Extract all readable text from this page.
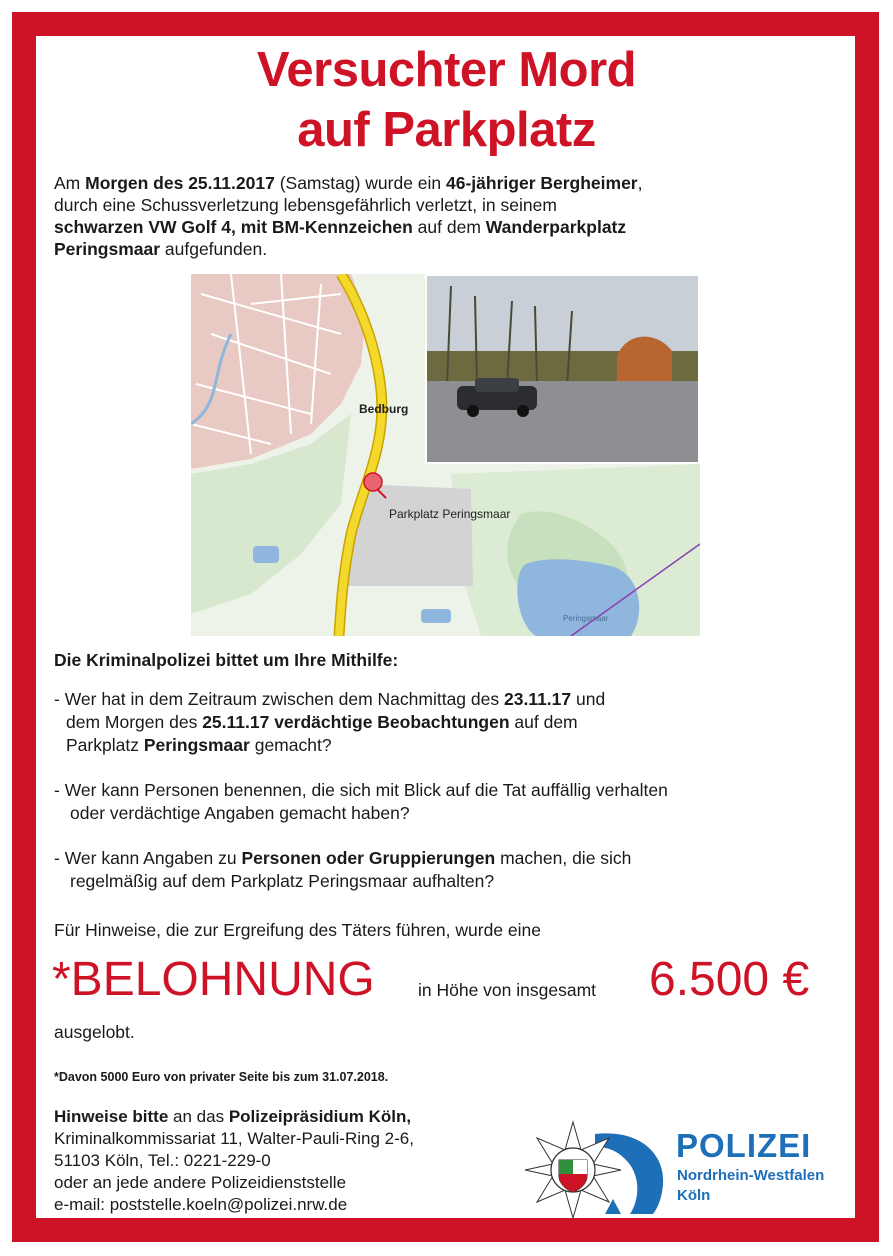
Versuchter Mord
auf Parkplatz
Am Morgen des 25.11.2017 (Samstag) wurde ein 46-jähriger Bergheimer,
durch eine Schussverletzung lebensgefährlich verletzt, in seinem
schwarzen VW Golf 4, mit BM-Kennzeichen auf dem Wanderparkplatz
Peringsmaar aufgefunden.
Bedburg
Parkplatz Peringsmaar
Peringsmaar
Die Kriminalpolizei bittet um Ihre Mithilfe:
- Wer hat in dem Zeitraum zwischen dem Nachmittag des 23.11.17 und
dem Morgen des 25.11.17 verdächtige Beobachtungen auf dem
Parkplatz Peringsmaar gemacht?
- Wer kann Personen benennen, die sich mit Blick auf die Tat auffällig verhalten
oder verdächtige Angaben gemacht haben?
- Wer kann Angaben zu Personen oder Gruppierungen machen, die sich
regelmäßig auf dem Parkplatz Peringsmaar aufhalten?
Für Hinweise, die zur Ergreifung des Täters führen, wurde eine
*BELOHNUNG in Höhe von insgesamt 6.500 €
ausgelobt.
*Davon 5000 Euro von privater Seite bis zum 31.07.2018.
Hinweise bitte an das Polizeipräsidium Köln,
Kriminalkommissariat 11, Walter-Pauli-Ring 2-6,
51103 Köln, Tel.: 0221-229-0
oder an jede andere Polizeidienststelle
e-mail: poststelle.koeln@polizei.nrw.de
POLIZEI
Nordrhein-Westfalen
Köln
